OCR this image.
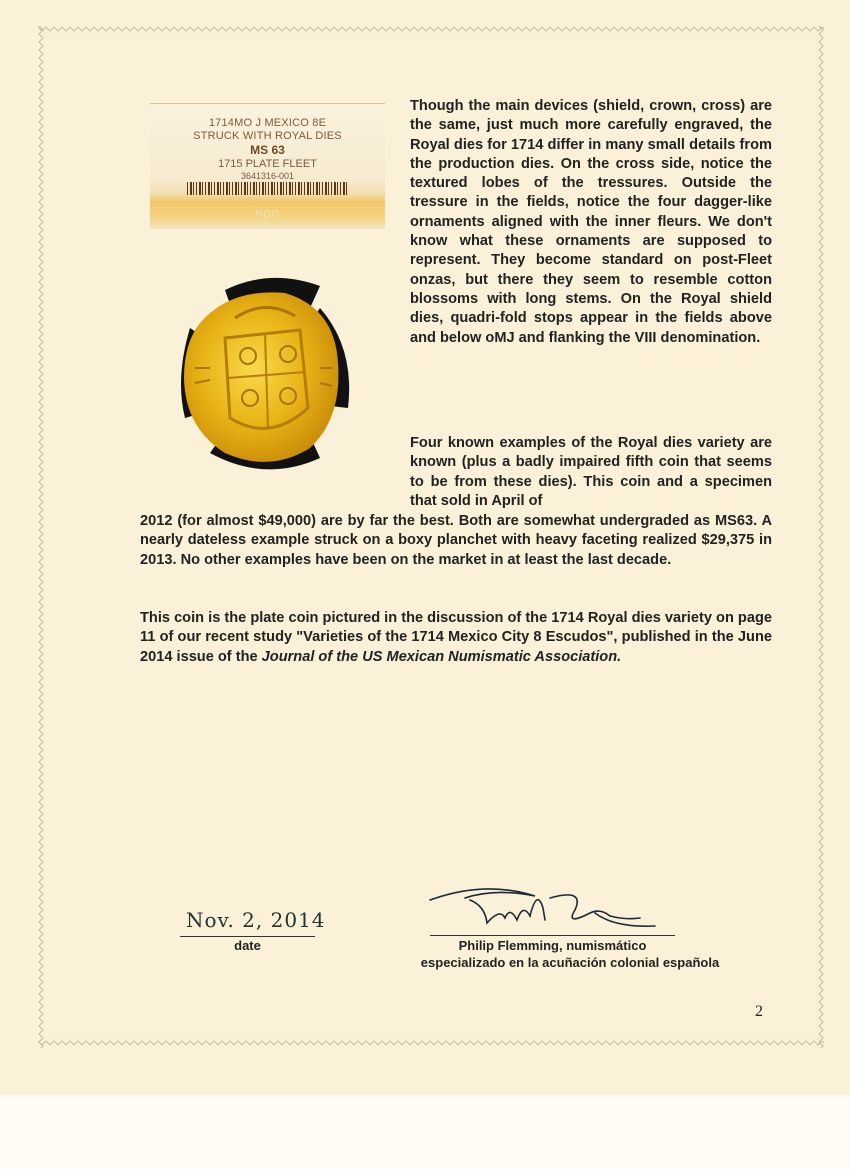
1714MO J MEXICO 8E
STRUCK WITH ROYAL DIES
MS 63
1715 PLATE FLEET
3641316-001
NGC
Though the main devices (shield, crown, cross) are the same, just much more carefully engraved, the Royal dies for 1714 differ in many small details from the production dies. On the cross side, notice the textured lobes of the tressures. Outside the tressure in the fields, notice the four dagger-like ornaments aligned with the inner fleurs. We don't know what these ornaments are supposed to represent. They become standard on post-Fleet onzas, but there they seem to resemble cotton blossoms with long stems. On the Royal shield dies, quadri-fold stops appear in the fields above and below oMJ and flanking the VIII denomination.
Four known examples of the Royal dies variety are known (plus a badly impaired fifth coin that seems to be from these dies). This coin and a specimen that sold in April of
2012 (for almost $49,000) are by far the best. Both are somewhat undergraded as MS63. A nearly dateless example struck on a boxy planchet with heavy faceting realized $29,375 in 2013. No other examples have been on the market in at least the last decade.
This coin is the plate coin pictured in the discussion of the 1714 Royal dies variety on page 11 of our recent study "Varieties of the 1714 Mexico City 8 Escudos", published in the June 2014 issue of the Journal of the US Mexican Numismatic Association.
Nov. 2, 2014
date	Philip Flemming, numismático
especializado en la acuñación colonial española
2
